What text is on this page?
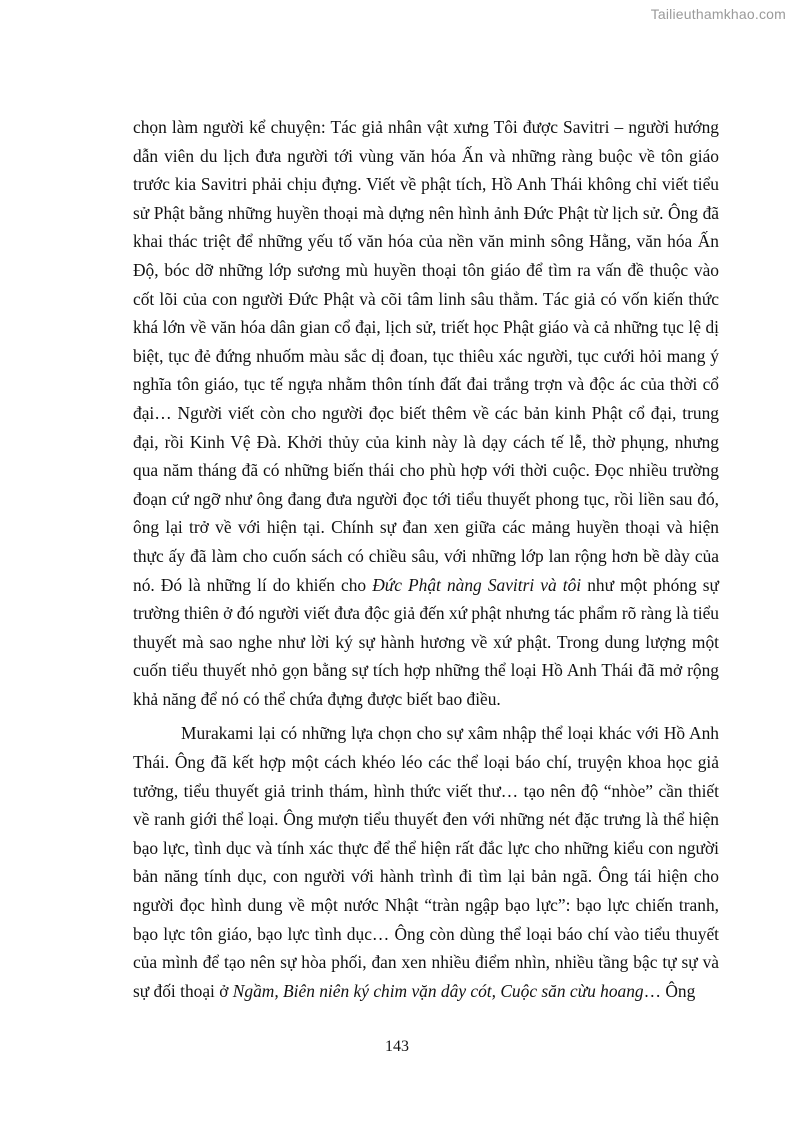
Tailieuthamkhao.com

chọn làm người kể chuyện: Tác giả nhân vật xưng Tôi được Savitri – người hướng dẫn viên du lịch đưa người tới vùng văn hóa Ấn và những ràng buộc về tôn giáo trước kia Savitri phải chịu đựng. Viết về phật tích, Hồ Anh Thái không chỉ viết tiểu sử Phật bằng những huyền thoại mà dựng nên hình ảnh Đức Phật từ lịch sử. Ông đã khai thác triệt để những yếu tố văn hóa của nền văn minh sông Hằng, văn hóa Ấn Độ, bóc dỡ những lớp sương mù huyền thoại tôn giáo để tìm ra vấn đề thuộc vào cốt lõi của con người Đức Phật và cõi tâm linh sâu thẳm. Tác giả có vốn kiến thức khá lớn về văn hóa dân gian cổ đại, lịch sử, triết học Phật giáo và cả những tục lệ dị biệt, tục đẻ đứng nhuốm màu sắc dị đoan, tục thiêu xác người, tục cưới hỏi mang ý nghĩa tôn giáo, tục tế ngựa nhằm thôn tính đất đai trắng trợn và độc ác của thời cổ đại… Người viết còn cho người đọc biết thêm về các bản kinh Phật cổ đại, trung đại, rồi Kinh Vệ Đà. Khởi thủy của kinh này là dạy cách tế lễ, thờ phụng, nhưng qua năm tháng đã có những biến thái cho phù hợp với thời cuộc. Đọc nhiều trường đoạn cứ ngỡ như ông đang đưa người đọc tới tiểu thuyết phong tục, rồi liền sau đó, ông lại trở về với hiện tại. Chính sự đan xen giữa các mảng huyền thoại và hiện thực ấy đã làm cho cuốn sách có chiều sâu, với những lớp lan rộng hơn bề dày của nó. Đó là những lí do khiến cho Đức Phật nàng Savitri và tôi như một phóng sự trường thiên ở đó người viết đưa độc giả đến xứ phật nhưng tác phẩm rõ ràng là tiểu thuyết mà sao nghe như lời ký sự hành hương về xứ phật. Trong dung lượng một cuốn tiểu thuyết nhỏ gọn bằng sự tích hợp những thể loại Hồ Anh Thái đã mở rộng khả năng để nó có thể chứa đựng được biết bao điều.

Murakami lại có những lựa chọn cho sự xâm nhập thể loại khác với Hồ Anh Thái. Ông đã kết hợp một cách khéo léo các thể loại báo chí, truyện khoa học giả tưởng, tiểu thuyết giả trinh thám, hình thức viết thư… tạo nên độ “nhòe” cần thiết về ranh giới thể loại. Ông mượn tiểu thuyết đen với những nét đặc trưng là thể hiện bạo lực, tình dục và tính xác thực để thể hiện rất đắc lực cho những kiểu con người bản năng tính dục, con người với hành trình đi tìm lại bản ngã. Ông tái hiện cho người đọc hình dung về một nước Nhật “tràn ngập bạo lực”: bạo lực chiến tranh, bạo lực tôn giáo, bạo lực tình dục… Ông còn dùng thể loại báo chí vào tiểu thuyết của mình để tạo nên sự hòa phối, đan xen nhiều điểm nhìn, nhiều tầng bậc tự sự và sự đối thoại ở Ngầm, Biên niên ký chim vặn dây cót, Cuộc săn cừu hoang… Ông

143
